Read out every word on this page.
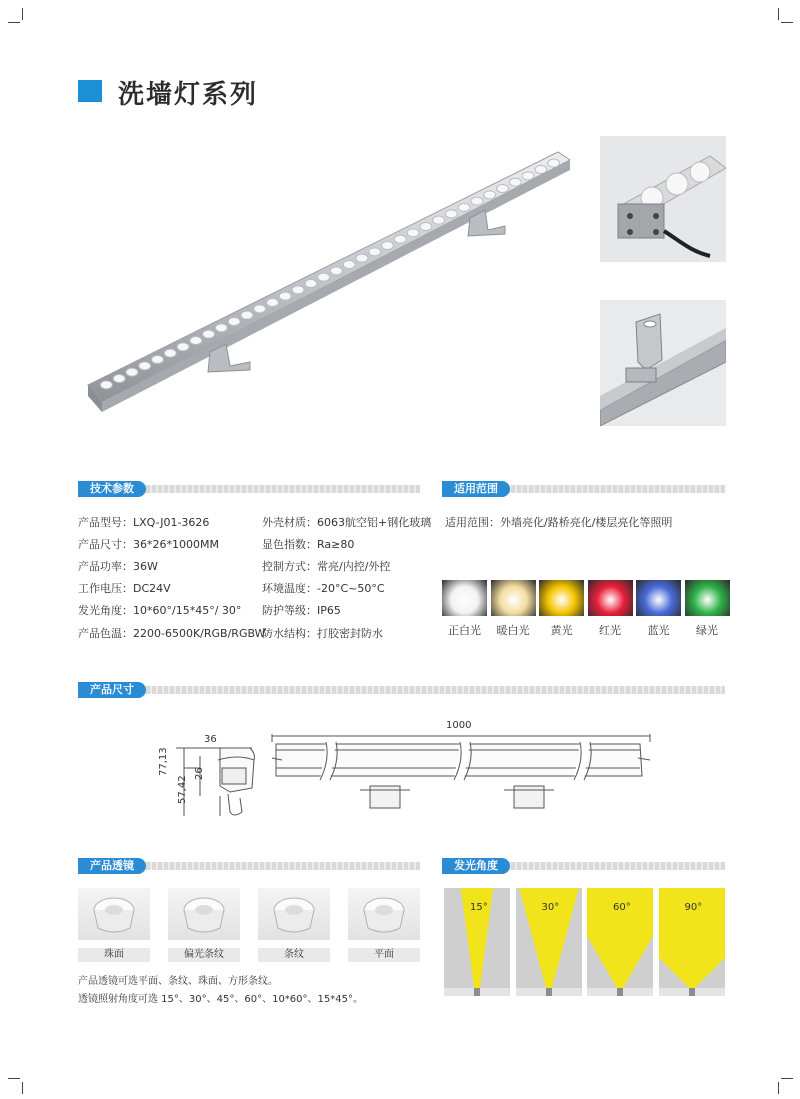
洗墙灯系列
技术参数
产品型号：LXQ-J01-3626
产品尺寸：36*26*1000MM
产品功率：36W
工作电压：DC24V
发光角度：10*60°/15*45°/ 30°
产品色温：2200-6500K/RGB/RGBW
外壳材质：6063航空铝+钢化玻璃
显色指数：Ra≥80
控制方式：常亮/内控/外控
环境温度：-20°C~50°C
防护等级：IP65
防水结构：打胶密封防水
适用范围
适用范围：外墙亮化/路桥亮化/楼层亮化等照明
正白光	暖白光	黄光	红光	蓝光	绿光
产品尺寸
1000
36
77,13
57,42
26
产品透镜
珠面	偏光条纹	条纹	平面
产品透镜可选平面、条纹、珠面、方形条纹。
透镜照射角度可选 15°、30°、45°、60°、10*60°、15*45°。
发光角度
15°	30°	60°	90°
